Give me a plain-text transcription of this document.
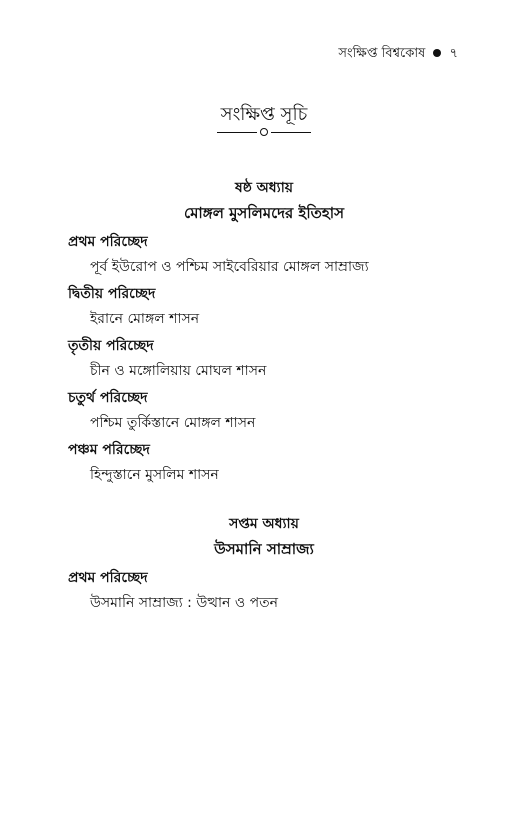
সংক্ষিপ্ত বিশ্বকোষ ৭
সংক্ষিপ্ত সূচি
ষষ্ঠ অধ্যায়
মোঙ্গল মুসলিমদের ইতিহাস
প্রথম পরিচ্ছেদ
পূর্ব ইউরোপ ও পশ্চিম সাইবেরিয়ার মোঙ্গল সাম্রাজ্য
দ্বিতীয় পরিচ্ছেদ
ইরানে মোঙ্গল শাসন
তৃতীয় পরিচ্ছেদ
চীন ও মঙ্গোলিয়ায় মোঘল শাসন
চতুর্থ পরিচ্ছেদ
পশ্চিম তুর্কিস্তানে মোঙ্গল শাসন
পঞ্চম পরিচ্ছেদ
হিন্দুস্তানে মুসলিম শাসন
সপ্তম অধ্যায়
উসমানি সাম্রাজ্য
প্রথম পরিচ্ছেদ
উসমানি সাম্রাজ্য : উত্থান ও পতন
